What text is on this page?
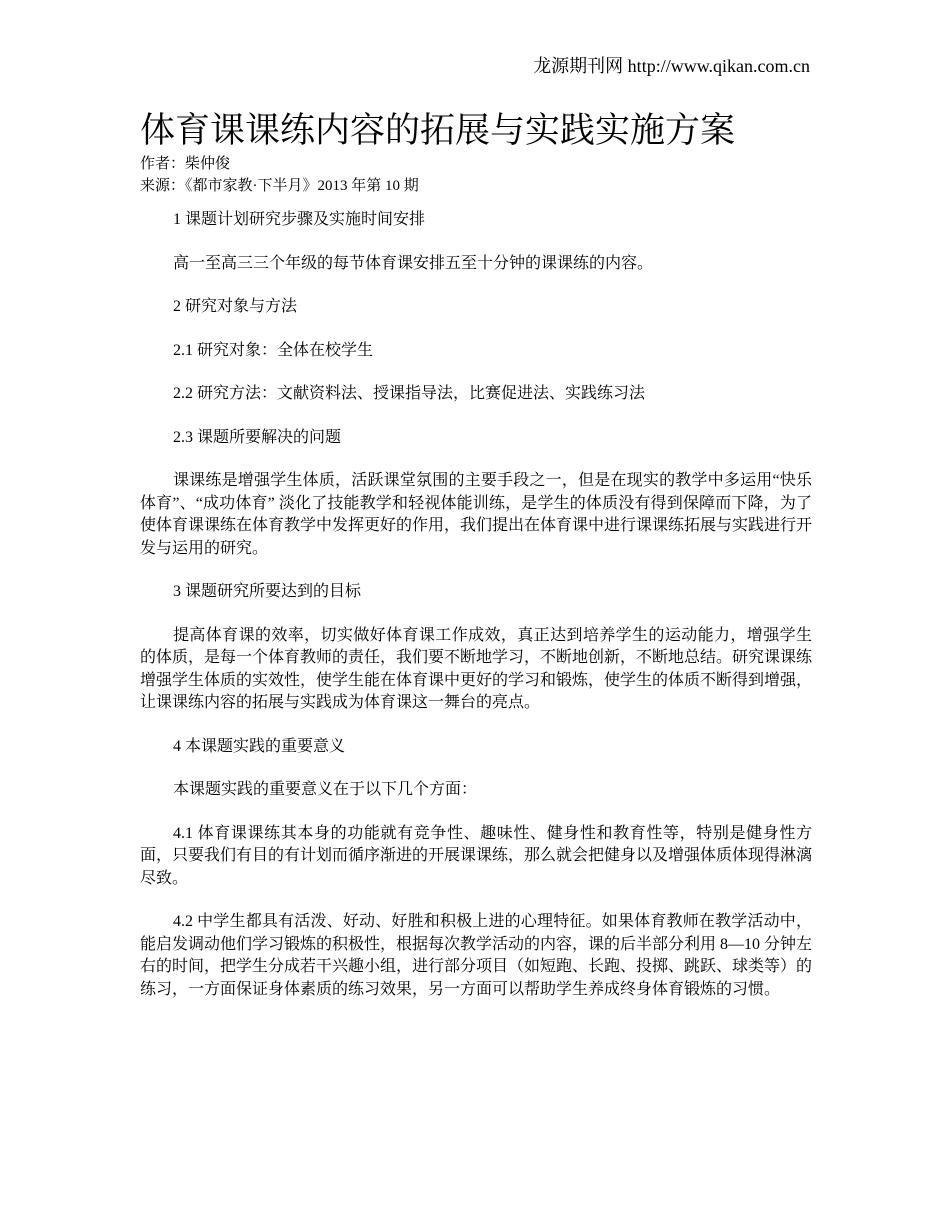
龙源期刊网 http://www.qikan.com.cn
体育课课练内容的拓展与实践实施方案
作者：柴仲俊
来源：《都市家教·下半月》2013 年第 10 期

1 课题计划研究步骤及实施时间安排

高一至高三三个年级的每节体育课安排五至十分钟的课课练的内容。

2 研究对象与方法

2.1 研究对象：全体在校学生

2.2 研究方法：文献资料法、授课指导法，比赛促进法、实践练习法

2.3 课题所要解决的问题

课课练是增强学生体质，活跃课堂氛围的主要手段之一，但是在现实的教学中多运用“快乐体育”、“成功体育” 淡化了技能教学和轻视体能训练，是学生的体质没有得到保障而下降，为了使体育课课练在体育教学中发挥更好的作用，我们提出在体育课中进行课课练拓展与实践进行开发与运用的研究。

3 课题研究所要达到的目标

提高体育课的效率，切实做好体育课工作成效，真正达到培养学生的运动能力，增强学生的体质，是每一个体育教师的责任，我们要不断地学习，不断地创新，不断地总结。研究课课练增强学生体质的实效性，使学生能在体育课中更好的学习和锻炼，使学生的体质不断得到增强，让课课练内容的拓展与实践成为体育课这一舞台的亮点。

4 本课题实践的重要意义

本课题实践的重要意义在于以下几个方面：

4.1 体育课课练其本身的功能就有竞争性、趣味性、健身性和教育性等，特别是健身性方面，只要我们有目的有计划而循序渐进的开展课课练，那么就会把健身以及增强体质体现得淋漓尽致。

4.2 中学生都具有活泼、好动、好胜和积极上进的心理特征。如果体育教师在教学活动中，能启发调动他们学习锻炼的积极性，根据每次教学活动的内容，课的后半部分利用 8—10 分钟左右的时间，把学生分成若干兴趣小组，进行部分项目（如短跑、长跑、投掷、跳跃、球类等）的练习，一方面保证身体素质的练习效果，另一方面可以帮助学生养成终身体育锻炼的习惯。
